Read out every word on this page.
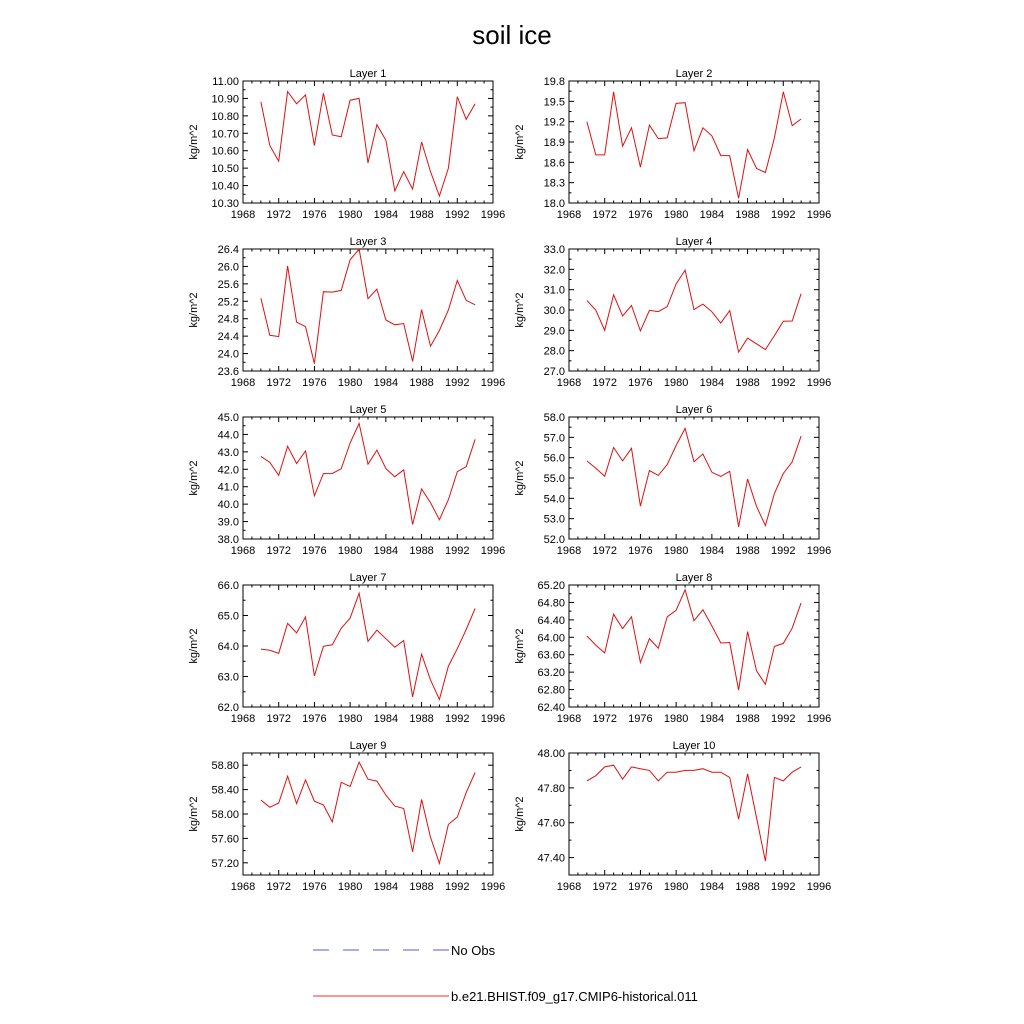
soil ice
Layer 1
kg/m^2
1968 1972 1976 1980 1984 1988 1992 1996
10.30
10.40
10.50
10.60
10.70
10.80
10.90
11.00
Layer 2
kg/m^2
1968 1972 1976 1980 1984 1988 1992 1996
18.0
18.3
18.6
18.9
19.2
19.5
19.8
Layer 3
kg/m^2
1968 1972 1976 1980 1984 1988 1992 1996
23.6
24.0
24.4
24.8
25.2
25.6
26.0
26.4
Layer 4
kg/m^2
1968 1972 1976 1980 1984 1988 1992 1996
27.0
28.0
29.0
30.0
31.0
32.0
33.0
Layer 5
kg/m^2
1968 1972 1976 1980 1984 1988 1992 1996
38.0
39.0
40.0
41.0
42.0
43.0
44.0
45.0
Layer 6
kg/m^2
1968 1972 1976 1980 1984 1988 1992 1996
52.0
53.0
54.0
55.0
56.0
57.0
58.0
Layer 7
kg/m^2
1968 1972 1976 1980 1984 1988 1992 1996
62.0
63.0
64.0
65.0
66.0
Layer 8
kg/m^2
1968 1972 1976 1980 1984 1988 1992 1996
62.40
62.80
63.20
63.60
64.00
64.40
64.80
65.20
Layer 9
kg/m^2
1968 1972 1976 1980 1984 1988 1992 1996
57.20
57.60
58.00
58.40
58.80
Layer 10
kg/m^2
1968 1972 1976 1980 1984 1988 1992 1996
47.40
47.60
47.80
48.00
No Obs
b.e21.BHIST.f09_g17.CMIP6-historical.011
